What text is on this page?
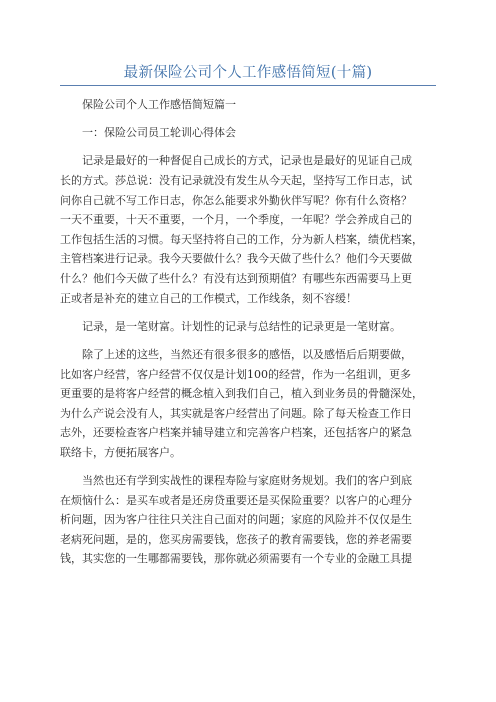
最新保险公司个人工作感悟简短(十篇)
保险公司个人工作感悟简短篇一
一：保险公司员工轮训心得体会
记录是最好的一种督促自己成长的方式，记录也是最好的见证自己成
长的方式。莎总说：没有记录就没有发生从今天起，坚持写工作日志，试
问你自己就不写工作日志，你怎么能要求外勤伙伴写呢？你有什么资格？
一天不重要，十天不重要，一个月，一个季度，一年呢？学会养成自己的
工作包括生活的习惯。每天坚持将自己的工作，分为新人档案，绩优档案，
主管档案进行记录。我今天要做什么？我今天做了些什么？他们今天要做
什么？他们今天做了些什么？有没有达到预期值？有哪些东西需要马上更
正或者是补充的建立自己的工作模式，工作线条，刻不容缓！
记录，是一笔财富。计划性的记录与总结性的记录更是一笔财富。
除了上述的这些，当然还有很多很多的感悟，以及感悟后后期要做，
比如客户经营，客户经营不仅仅是计划100的经营，作为一名组训，更多
更重要的是将客户经营的概念植入到我们自己，植入到业务员的骨髓深处，
为什么产说会没有人，其实就是客户经营出了问题。除了每天检查工作日
志外，还要检查客户档案并辅导建立和完善客户档案，还包括客户的紧急
联络卡，方便拓展客户。
当然也还有学到实战性的课程寿险与家庭财务规划。我们的客户到底
在烦恼什么：是买车或者是还房贷重要还是买保险重要？以客户的心理分
析问题，因为客户往往只关注自己面对的问题；家庭的风险并不仅仅是生
老病死问题，是的，您买房需要钱，您孩子的教育需要钱，您的养老需要
钱，其实您的一生哪都需要钱，那你就必须需要有一个专业的金融工具提
